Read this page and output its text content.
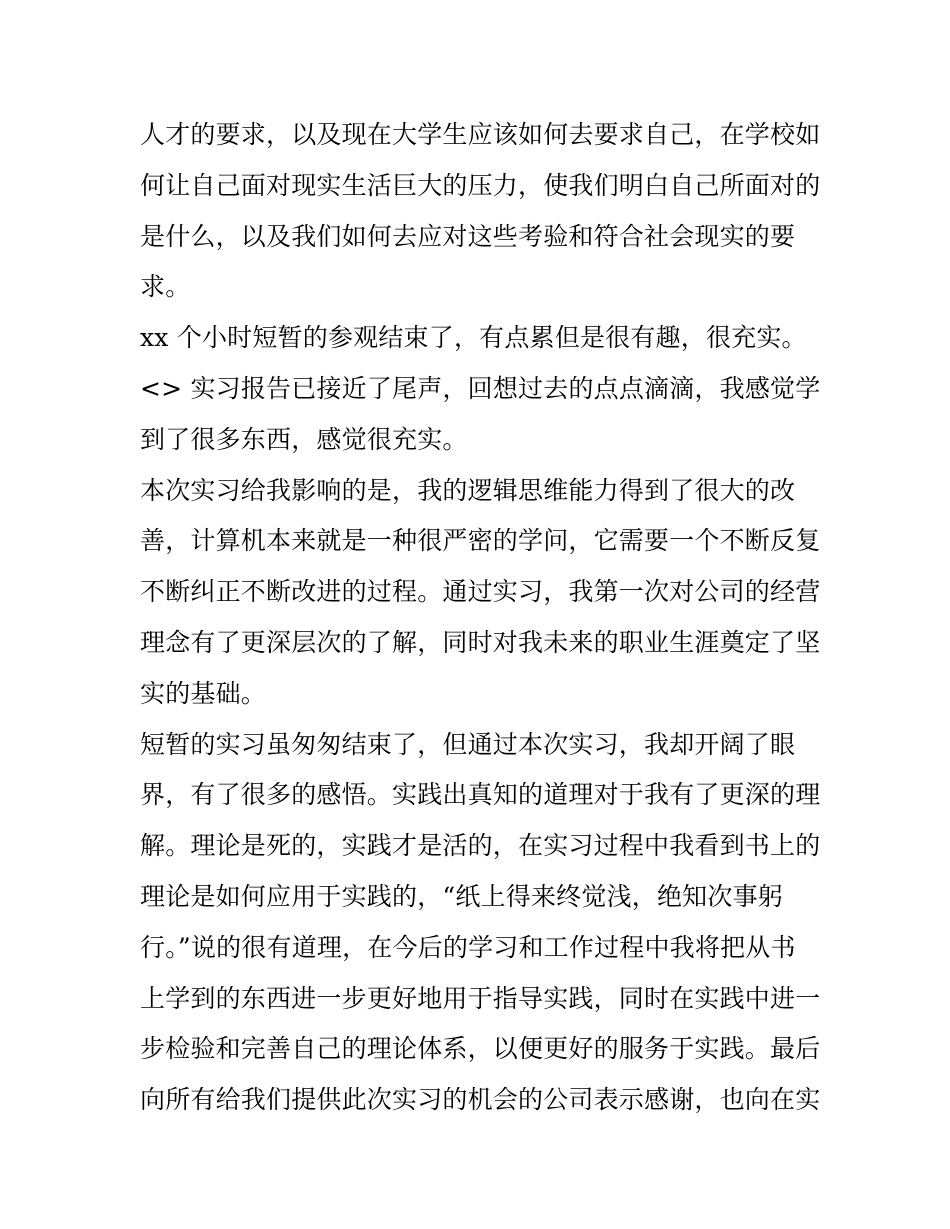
人才的要求，以及现在大学生应该如何去要求自己，在学校如
何让自己面对现实生活巨大的压力，使我们明白自己所面对的
是什么，以及我们如何去应对这些考验和符合社会现实的要
求。
xx 个小时短暂的参观结束了，有点累但是很有趣，很充实。
<> 实习报告已接近了尾声，回想过去的点点滴滴，我感觉学
到了很多东西，感觉很充实。
本次实习给我影响的是，我的逻辑思维能力得到了很大的改
善，计算机本来就是一种很严密的学问，它需要一个不断反复
不断纠正不断改进的过程。通过实习，我第一次对公司的经营
理念有了更深层次的了解，同时对我未来的职业生涯奠定了坚
实的基础。
短暂的实习虽匆匆结束了，但通过本次实习，我却开阔了眼
界，有了很多的感悟。实践出真知的道理对于我有了更深的理
解。理论是死的，实践才是活的，在实习过程中我看到书上的
理论是如何应用于实践的，“纸上得来终觉浅，绝知次事躬
行。”说的很有道理，在今后的学习和工作过程中我将把从书
上学到的东西进一步更好地用于指导实践，同时在实践中进一
步检验和完善自己的理论体系，以便更好的服务于实践。最后
向所有给我们提供此次实习的机会的公司表示感谢，也向在实
